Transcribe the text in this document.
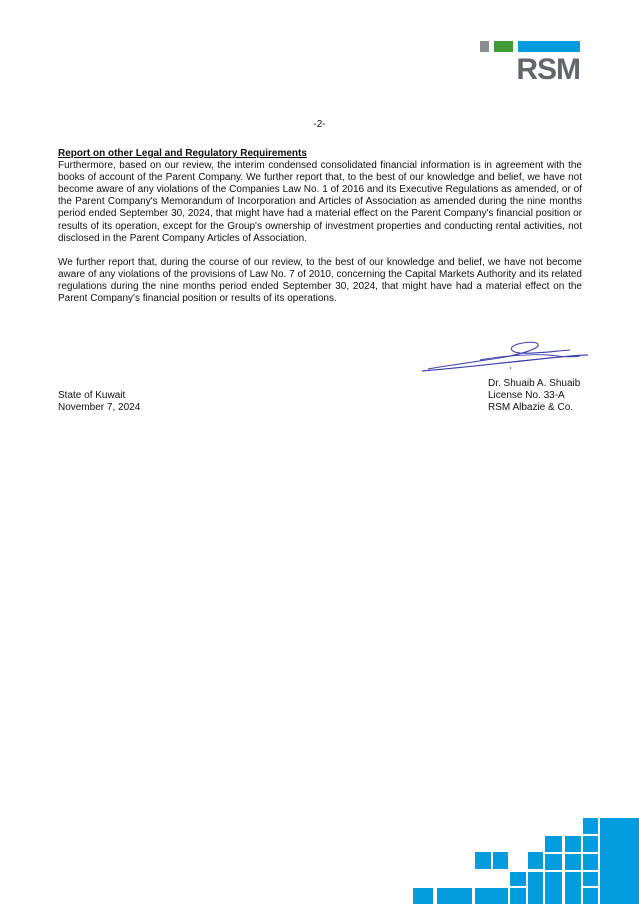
RSM
-2-
Report on other Legal and Regulatory Requirements

Furthermore, based on our review, the interim condensed consolidated financial information is in agreement with the books of account of the Parent Company. We further report that, to the best of our knowledge and belief, we have not become aware of any violations of the Companies Law No. 1 of 2016 and its Executive Regulations as amended, or of the Parent Company's Memorandum of Incorporation and Articles of Association as amended during the nine months period ended September 30, 2024, that might have had a material effect on the Parent Company's financial position or results of its operation, except for the Group's ownership of investment properties and conducting rental activities, not disclosed in the Parent Company Articles of Association.

We further report that, during the course of our review, to the best of our knowledge and belief, we have not become aware of any violations of the provisions of Law No. 7 of 2010, concerning the Capital Markets Authority and its related regulations during the nine months period ended September 30, 2024, that might have had a material effect on the Parent Company's financial position or results of its operations.

State of Kuwait
November 7, 2024
Dr. Shuaib A. Shuaib
License No. 33-A
RSM Albazie & Co.
